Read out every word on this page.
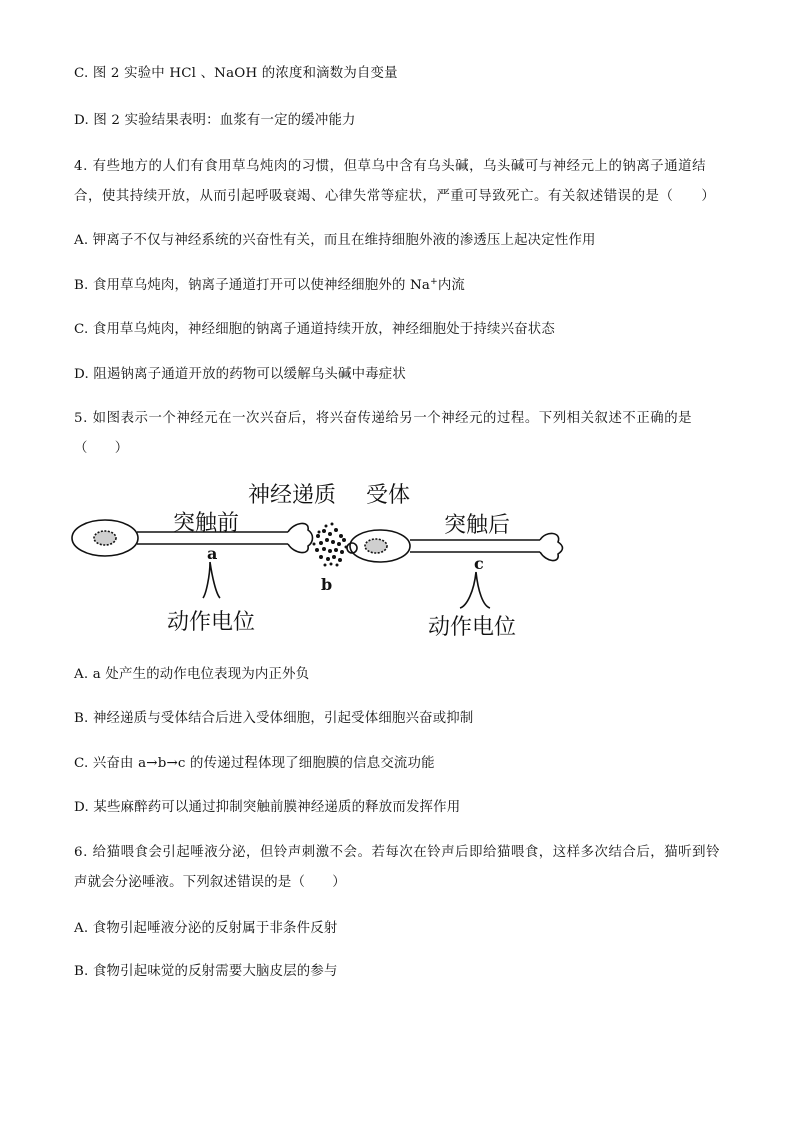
C. 图 2 实验中 HCl 、NaOH 的浓度和滴数为自变量
D. 图 2 实验结果表明：血浆有一定的缓冲能力
4. 有些地方的人们有食用草乌炖肉的习惯，但草乌中含有乌头碱，乌头碱可与神经元上的钠离子通道结
合，使其持续开放，从而引起呼吸衰竭、心律失常等症状，严重可导致死亡。有关叙述错误的是（　　）
A. 钾离子不仅与神经系统的兴奋性有关，而且在维持细胞外液的渗透压上起决定性作用
B. 食用草乌炖肉，钠离子通道打开可以使神经细胞外的 Na+内流
C. 食用草乌炖肉，神经细胞的钠离子通道持续开放，神经细胞处于持续兴奋状态
D. 阻遏钠离子通道开放的药物可以缓解乌头碱中毒症状
5. 如图表示一个神经元在一次兴奋后，将兴奋传递给另一个神经元的过程。下列相关叙述不正确的是
（　　）
神经递质 受体
突触前	突触后
a
b
c
动作电位	动作电位
A. a 处产生的动作电位表现为内正外负
B. 神经递质与受体结合后进入受体细胞，引起受体细胞兴奋或抑制
C. 兴奋由 a→b→c 的传递过程体现了细胞膜的信息交流功能
D. 某些麻醉药可以通过抑制突触前膜神经递质的释放而发挥作用
6. 给猫喂食会引起唾液分泌，但铃声刺激不会。若每次在铃声后即给猫喂食，这样多次结合后，猫听到铃
声就会分泌唾液。下列叙述错误的是（　　）
A. 食物引起唾液分泌的反射属于非条件反射
B. 食物引起味觉的反射需要大脑皮层的参与
